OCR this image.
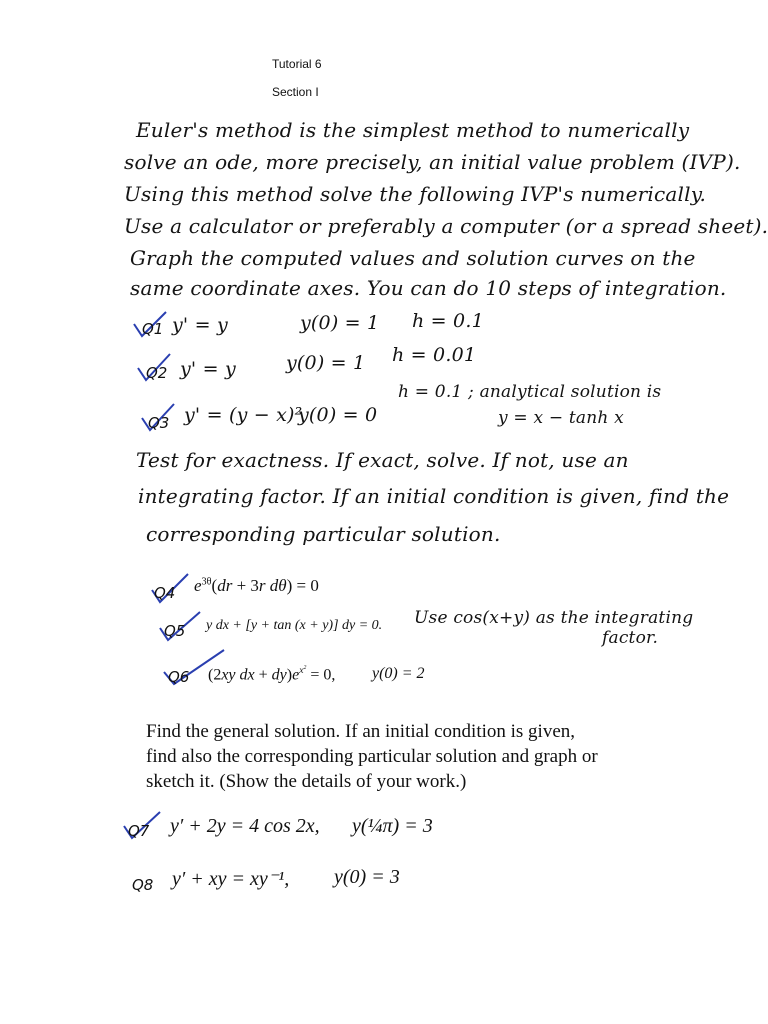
Tutorial 6
Section I
Euler's method is the simplest method to numerically
solve an ode, more precisely, an initial value problem (IVP).
Using this method solve the following IVP's numerically.
Use a calculator or preferably a computer (or a spread sheet).
Graph the computed values and solution curves on the
same coordinate axes. You can do 10 steps of integration.
Q1 y' = y	y(0) = 1 h = 0.1
Q2 y' = y	y(0) = 1 h = 0.01
Q3 y' = (y − x)²
y(0) = 0
h = 0.1 ; analytical solution is
y = x − tanh x
Test for exactness. If exact, solve. If not, use an
integrating factor. If an initial condition is given, find the
corresponding particular solution.
Q4 $e^{3\theta}(dr + 3r$ dθ) = 0
Q5 y dx + [y + tan (x + y)] dy = 0. Use cos(x+y) as the integrating
factor.
Q6 (2xy dx + $dy)e^{x^2} = 0$, y(0) = 2
Find the general solution. If an initial condition is given,
find also the corresponding particular solution and graph or
sketch it. (Show the details of your work.)
Q7 y′ + 2y = 4 cos 2x, y(¼π) = 3
Q8 y′ + xy = xy⁻¹, y(0) = 3
